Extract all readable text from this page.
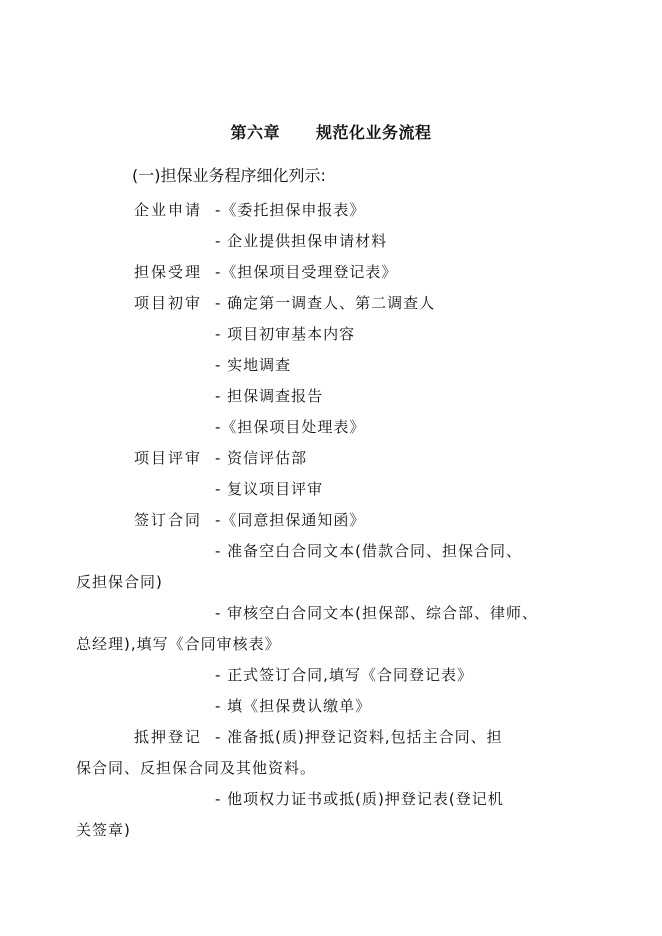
第六章 规范化业务流程
(一)担保业务程序细化列示:
企业申请 -《委托担保申报表》
- 企业提供担保申请材料
担保受理 -《担保项目受理登记表》
项目初审 - 确定第一调查人、第二调查人
- 项目初审基本内容
- 实地调查
- 担保调查报告
-《担保项目处理表》
项目评审 - 资信评估部
- 复议项目评审
签订合同 -《同意担保通知函》
- 准备空白合同文本(借款合同、担保合同、
反担保合同)
- 审核空白合同文本(担保部、综合部、律师、
总经理),填写《合同审核表》
- 正式签订合同,填写《合同登记表》
- 填《担保费认缴单》
抵押登记 - 准备抵(质)押登记资料,包括主合同、担
保合同、反担保合同及其他资料。
- 他项权力证书或抵(质)押登记表(登记机
关签章)
